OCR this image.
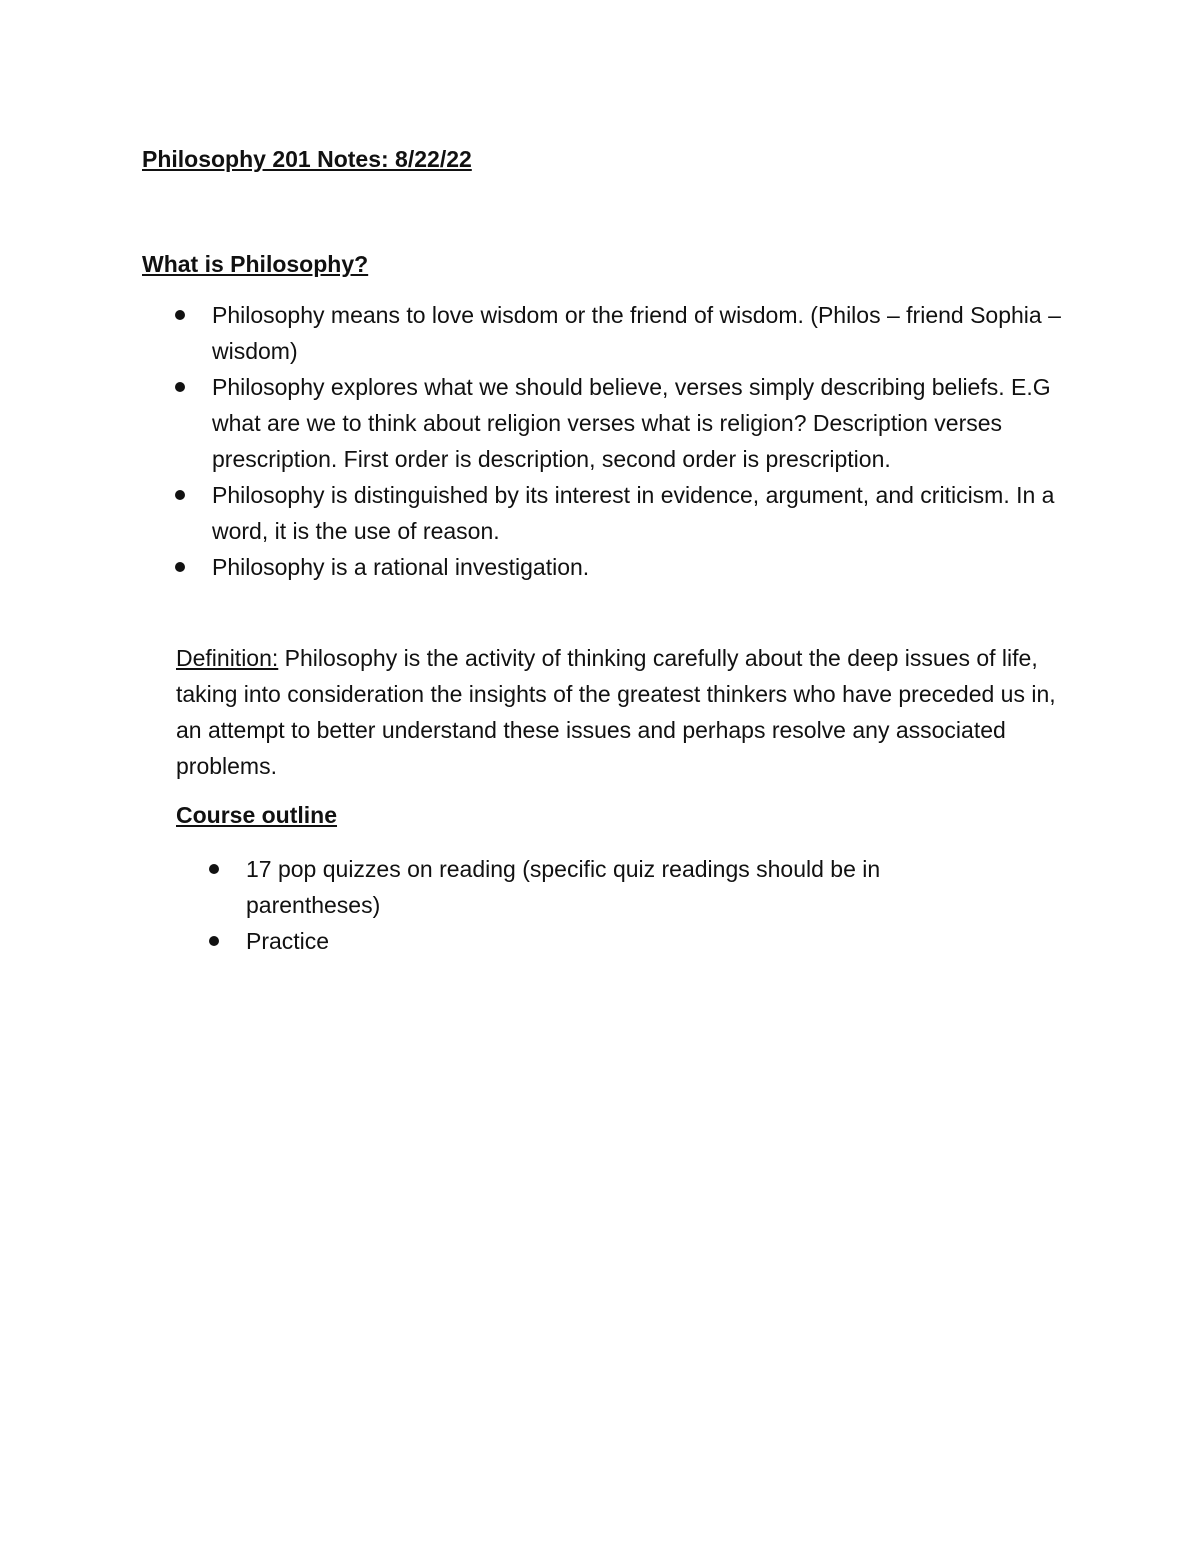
Philosophy 201 Notes: 8/22/22
What is Philosophy?
Philosophy means to love wisdom or the friend of wisdom. (Philos – friend Sophia – wisdom)
Philosophy explores what we should believe, verses simply describing beliefs. E.G what are we to think about religion verses what is religion? Description verses prescription. First order is description, second order is prescription.
Philosophy is distinguished by its interest in evidence, argument, and criticism. In a word, it is the use of reason.
Philosophy is a rational investigation.

Definition: Philosophy is the activity of thinking carefully about the deep issues of life, taking into consideration the insights of the greatest thinkers who have preceded us in, an attempt to better understand these issues and perhaps resolve any associated problems.

Course outline
17 pop quizzes on reading (specific quiz readings should be in parentheses)
Practice
